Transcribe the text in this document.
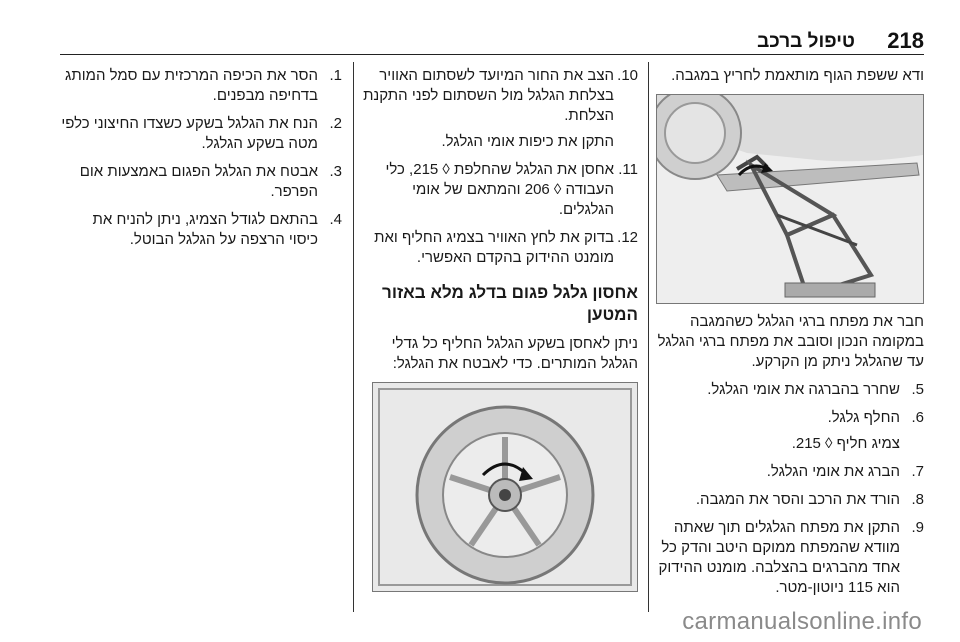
218
טיפול ברכב

ודא ששפת הגוף מותאמת לחריץ במגבה.

חבר את מפתח ברגי הגלגל כשהמגבה במקומה הנכון וסובב את מפתח ברגי הגלגל עד שהגלגל ניתק מן הקרקע.

5.
שחרר בהברגה את אומי הגלגל.
6.
החלף גלגל.
צמיג חליף ◊ 215.
7.
הברג את אומי הגלגל.
8.
הורד את הרכב והסר את המגבה.
9.
התקן את מפתח הגלגלים תוך שאתה מוודא שהמפתח ממוקם היטב והדק כל אחד מהברגים בהצלבה. מומנט ההידוק הוא 115 ניוטון-מטר.
10.
הצב את החור המיועד לשסתום האוויר בצלחת הגלגל מול השסתום לפני התקנת הצלחת.
התקן את כיפות אומי הגלגל.
11.
אחסן את הגלגל שהחלפת ◊ 215, כלי העבודה ◊ 206 והמתאם של אומי הגלגלים.
12.
בדוק את לחץ האוויר בצמיג החליף ואת מומנט ההידוק בהקדם האפשרי.
אחסון גלגל פגום בדלג מלא באזור המטען

ניתן לאחסן בשקע הגלגל החליף כל גדלי הגלגל המותרים. כדי לאבטח את הגלגל:

1.
הסר את הכיפה המרכזית עם סמל המותג בדחיפה מבפנים.
2.
הנח את הגלגל בשקע כשצדו החיצוני כלפי מטה בשקע הגלגל.
3.
אבטח את הגלגל הפגום באמצעות אום הפרפר.
4.
בהתאם לגודל הצמיג, ניתן להניח את כיסוי הרצפה על הגלגל הבוטל.
carmanualsonline.info
